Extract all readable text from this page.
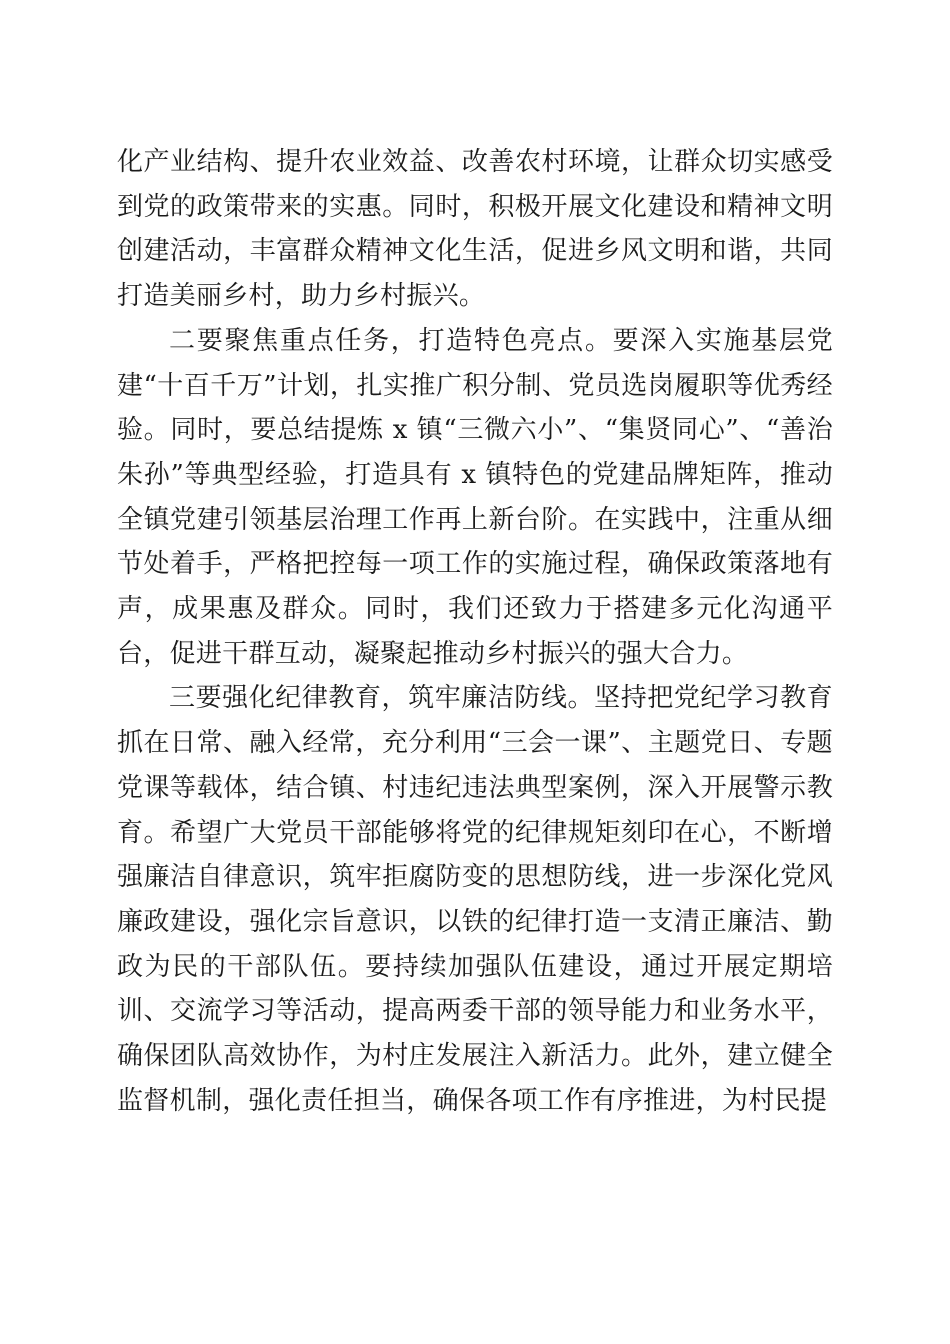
化产业结构、提升农业效益、改善农村环境，让群众切实感受到党的政策带来的实惠。同时，积极开展文化建设和精神文明创建活动，丰富群众精神文化生活，促进乡风文明和谐，共同打造美丽乡村，助力乡村振兴。

二要聚焦重点任务，打造特色亮点。要深入实施基层党建“十百千万”计划，扎实推广积分制、党员选岗履职等优秀经验。同时，要总结提炼 x 镇“三微六小”、“集贤同心”、“善治朱孙”等典型经验，打造具有 x 镇特色的党建品牌矩阵，推动全镇党建引领基层治理工作再上新台阶。在实践中，注重从细节处着手，严格把控每一项工作的实施过程，确保政策落地有声，成果惠及群众。同时，我们还致力于搭建多元化沟通平台，促进干群互动，凝聚起推动乡村振兴的强大合力。

三要强化纪律教育，筑牢廉洁防线。坚持把党纪学习教育抓在日常、融入经常，充分利用“三会一课”、主题党日、专题党课等载体，结合镇、村违纪违法典型案例，深入开展警示教育。希望广大党员干部能够将党的纪律规矩刻印在心，不断增强廉洁自律意识，筑牢拒腐防变的思想防线，进一步深化党风廉政建设，强化宗旨意识，以铁的纪律打造一支清正廉洁、勤政为民的干部队伍。要持续加强队伍建设，通过开展定期培训、交流学习等活动，提高两委干部的领导能力和业务水平，确保团队高效协作，为村庄发展注入新活力。此外，建立健全监督机制，强化责任担当，确保各项工作有序推进，为村民提
